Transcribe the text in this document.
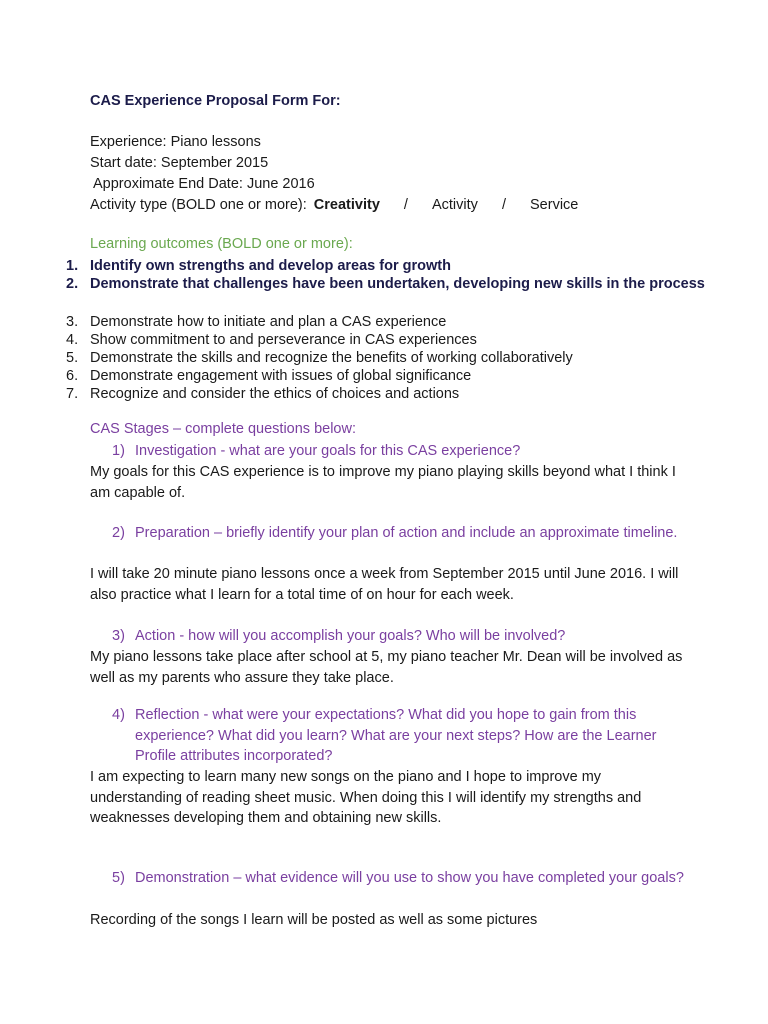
CAS Experience Proposal Form For:
Experience: Piano lessons
Start date: September 2015
Approximate End Date: June 2016
Activity type (BOLD one or more): Creativity / Activity / Service
Learning outcomes (BOLD one or more):
1. Identify own strengths and develop areas for growth
2. Demonstrate that challenges have been undertaken, developing new skills in the process
3. Demonstrate how to initiate and plan a CAS experience
4. Show commitment to and perseverance in CAS experiences
5. Demonstrate the skills and recognize the benefits of working collaboratively
6. Demonstrate engagement with issues of global significance
7. Recognize and consider the ethics of choices and actions
CAS Stages – complete questions below:
1) Investigation - what are your goals for this CAS experience?
My goals for this CAS experience is to improve my piano playing skills beyond what I think I am capable of.
2) Preparation – briefly identify your plan of action and include an approximate timeline.
I will take 20 minute piano lessons once a week from September 2015 until June 2016. I will also practice what I learn for a total time of on hour for each week.
3) Action - how will you accomplish your goals? Who will be involved?
My piano lessons take place after school at 5, my piano teacher Mr. Dean will be involved as well as my parents who assure they take place.
4) Reflection - what were your expectations? What did you hope to gain from this experience? What did you learn? What are your next steps? How are the Learner Profile attributes incorporated?
I am expecting to learn many new songs on the piano and I hope to improve my understanding of reading sheet music. When doing this I will identify my strengths and weaknesses developing them and obtaining new skills.
5) Demonstration – what evidence will you use to show you have completed your goals?
Recording of the songs I learn will be posted as well as some pictures
